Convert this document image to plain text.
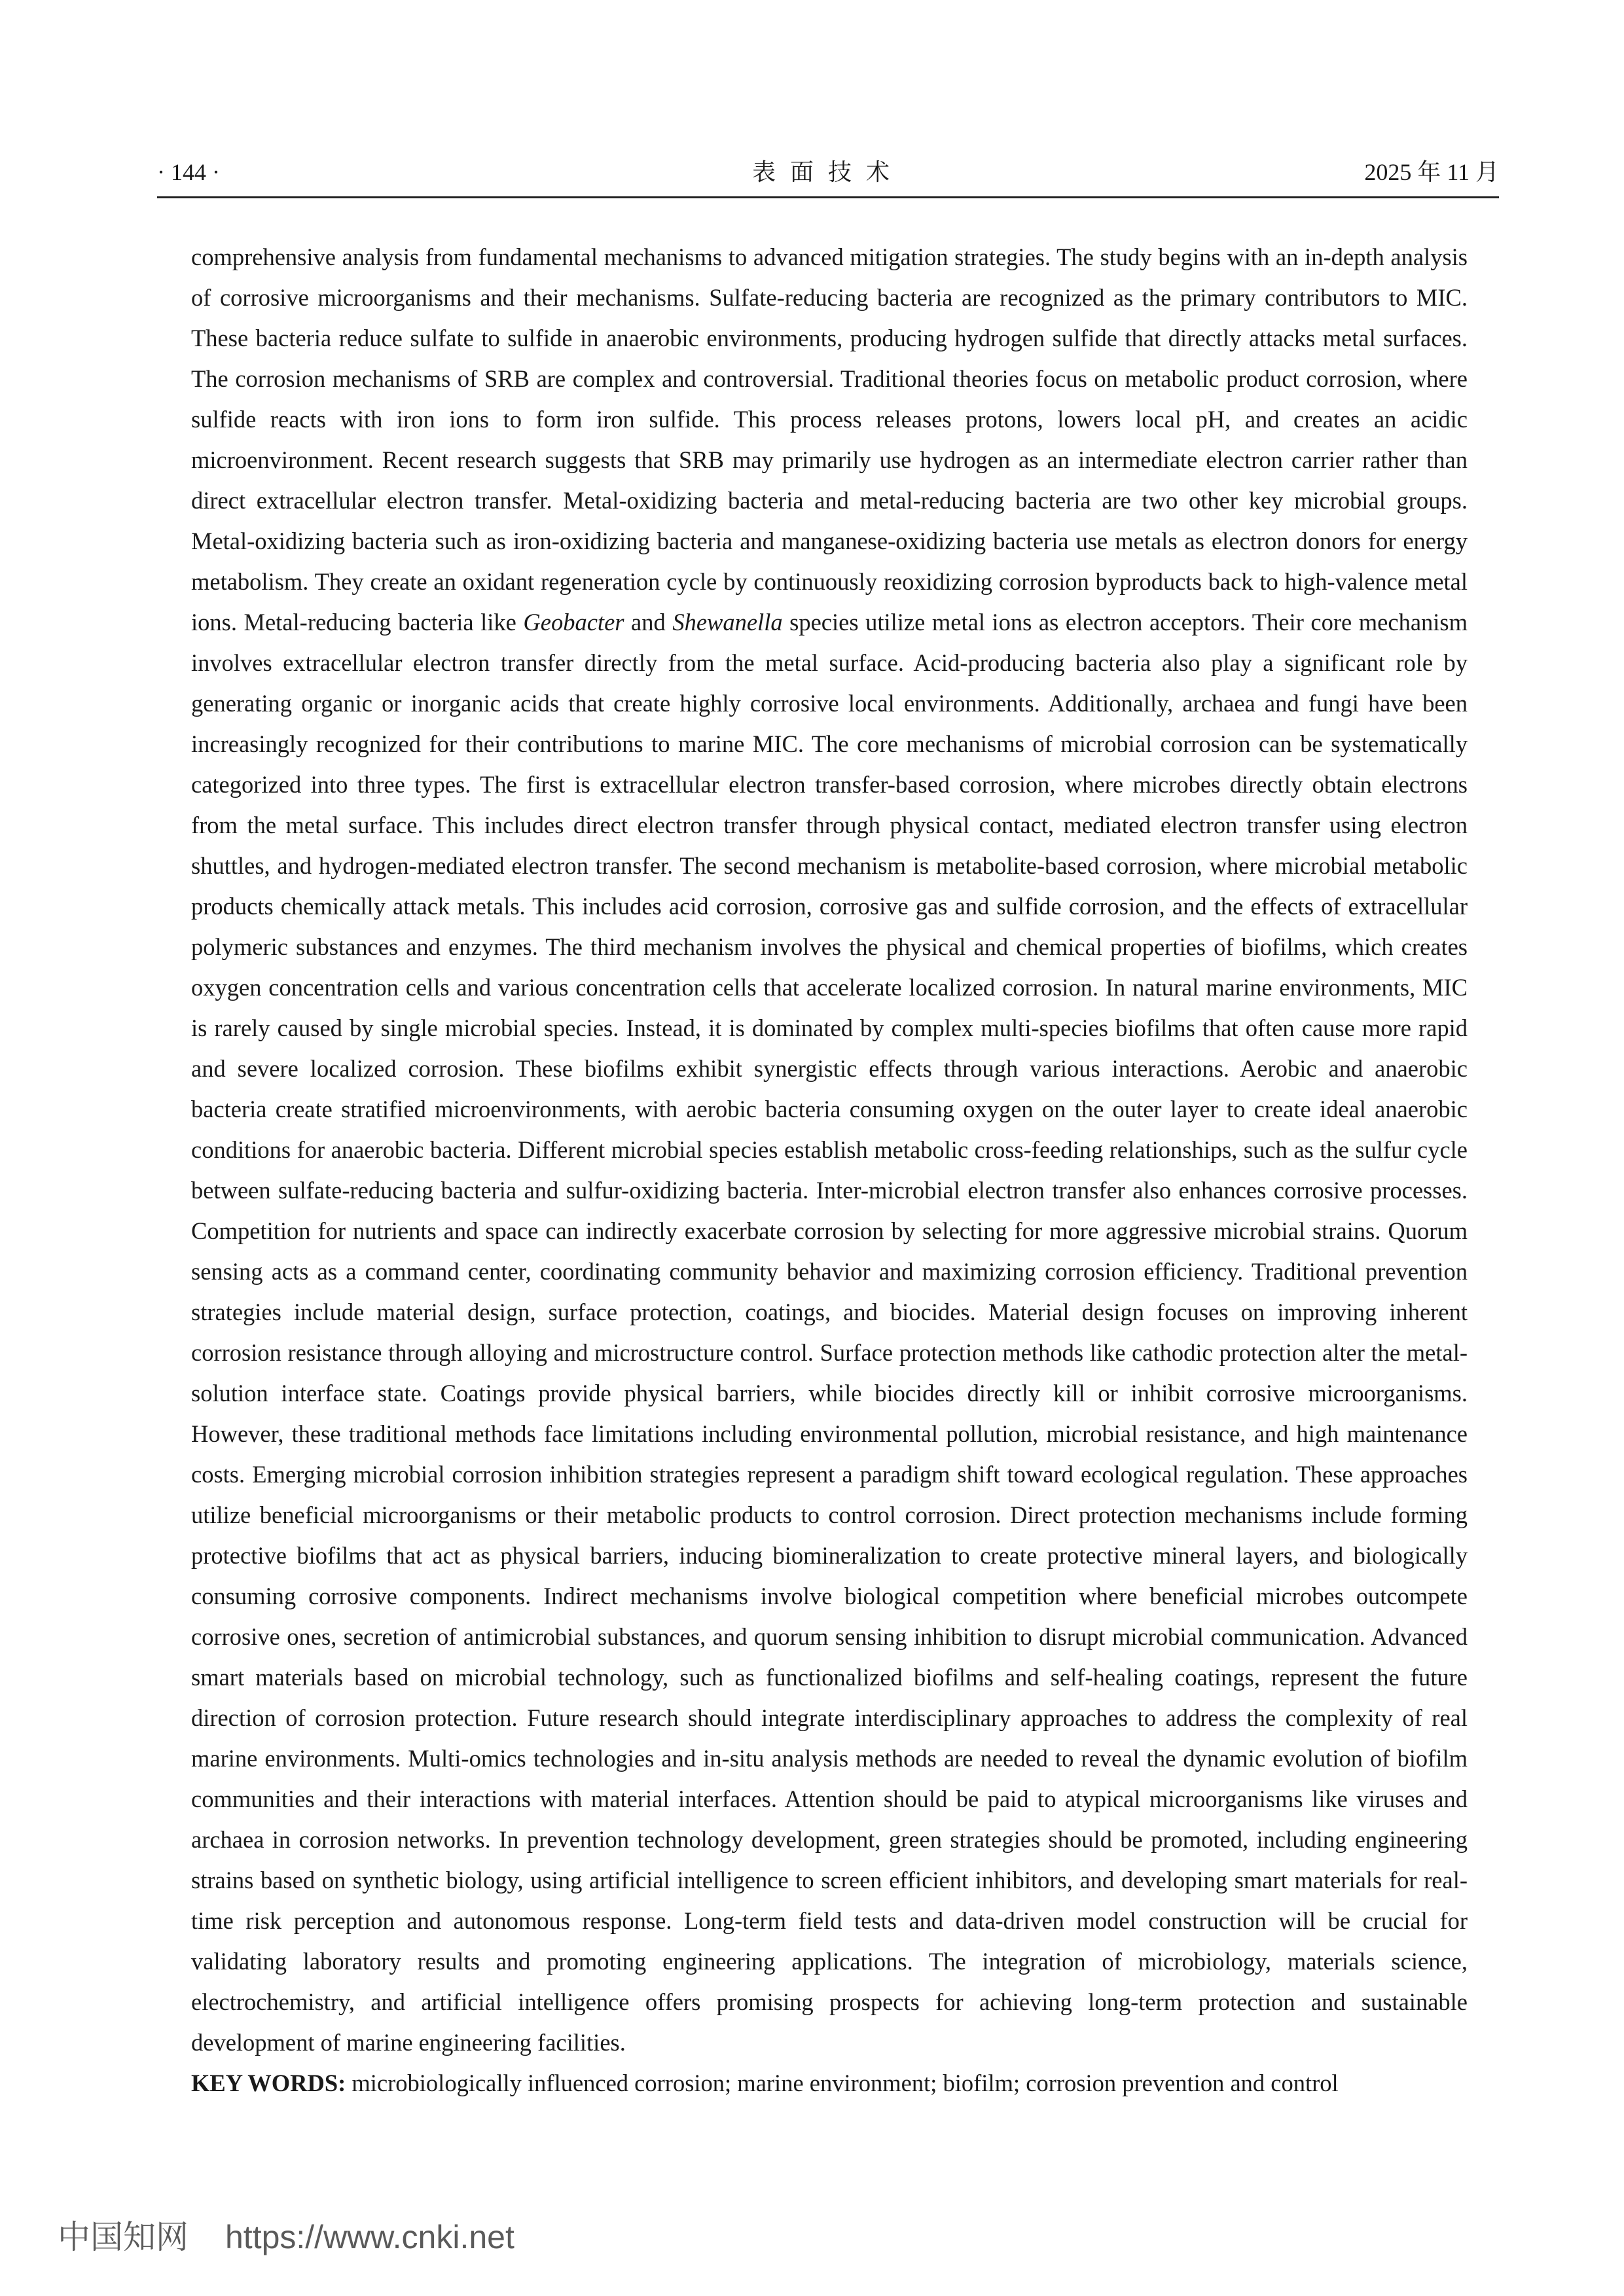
· 144 ·	表面技术	2025 年 11 月

comprehensive analysis from fundamental mechanisms to advanced mitigation strategies. The study begins with an in-depth analysis of corrosive microorganisms and their mechanisms. Sulfate-reducing bacteria are recognized as the primary contributors to MIC. These bacteria reduce sulfate to sulfide in anaerobic environments, producing hydrogen sulfide that directly attacks metal surfaces. The corrosion mechanisms of SRB are complex and controversial. Traditional theories focus on metabolic product corrosion, where sulfide reacts with iron ions to form iron sulfide. This process releases protons, lowers local pH, and creates an acidic microenvironment. Recent research suggests that SRB may primarily use hydrogen as an intermediate electron carrier rather than direct extracellular electron transfer. Metal-oxidizing bacteria and metal-reducing bacteria are two other key microbial groups. Metal-oxidizing bacteria such as iron-oxidizing bacteria and manganese-oxidizing bacteria use metals as electron donors for energy metabolism. They create an oxidant regeneration cycle by continuously reoxidizing corrosion byproducts back to high-valence metal ions. Metal-reducing bacteria like Geobacter and Shewanella species utilize metal ions as electron acceptors. Their core mechanism involves extracellular electron transfer directly from the metal surface. Acid-producing bacteria also play a significant role by generating organic or inorganic acids that create highly corrosive local environments. Additionally, archaea and fungi have been increasingly recognized for their contributions to marine MIC. The core mechanisms of microbial corrosion can be systematically categorized into three types. The first is extracellular electron transfer-based corrosion, where microbes directly obtain electrons from the metal surface. This includes direct electron transfer through physical contact, mediated electron transfer using electron shuttles, and hydrogen-mediated electron transfer. The second mechanism is metabolite-based corrosion, where microbial metabolic products chemically attack metals. This includes acid corrosion, corrosive gas and sulfide corrosion, and the effects of extracellular polymeric substances and enzymes. The third mechanism involves the physical and chemical properties of biofilms, which creates oxygen concentration cells and various concentration cells that accelerate localized corrosion. In natural marine environments, MIC is rarely caused by single microbial species. Instead, it is dominated by complex multi-species biofilms that often cause more rapid and severe localized corrosion. These biofilms exhibit synergistic effects through various interactions. Aerobic and anaerobic bacteria create stratified microenvironments, with aerobic bacteria consuming oxygen on the outer layer to create ideal anaerobic conditions for anaerobic bacteria. Different microbial species establish metabolic cross-feeding relationships, such as the sulfur cycle between sulfate-reducing bacteria and sulfur-oxidizing bacteria. Inter-microbial electron transfer also enhances corrosive processes. Competition for nutrients and space can indirectly exacerbate corrosion by selecting for more aggressive microbial strains. Quorum sensing acts as a command center, coordinating community behavior and maximizing corrosion efficiency. Traditional prevention strategies include material design, surface protection, coatings, and biocides. Material design focuses on improving inherent corrosion resistance through alloying and microstructure control. Surface protection methods like cathodic protection alter the metal-solution interface state. Coatings provide physical barriers, while biocides directly kill or inhibit corrosive microorganisms. However, these traditional methods face limitations including environmental pollution, microbial resistance, and high maintenance costs. Emerging microbial corrosion inhibition strategies represent a paradigm shift toward ecological regulation. These approaches utilize beneficial microorganisms or their metabolic products to control corrosion. Direct protection mechanisms include forming protective biofilms that act as physical barriers, inducing biomineralization to create protective mineral layers, and biologically consuming corrosive components. Indirect mechanisms involve biological competition where beneficial microbes outcompete corrosive ones, secretion of antimicrobial substances, and quorum sensing inhibition to disrupt microbial communication. Advanced smart materials based on microbial technology, such as functionalized biofilms and self-healing coatings, represent the future direction of corrosion protection. Future research should integrate interdisciplinary approaches to address the complexity of real marine environments. Multi-omics technologies and in-situ analysis methods are needed to reveal the dynamic evolution of biofilm communities and their interactions with material interfaces. Attention should be paid to atypical microorganisms like viruses and archaea in corrosion networks. In prevention technology development, green strategies should be promoted, including engineering strains based on synthetic biology, using artificial intelligence to screen efficient inhibitors, and developing smart materials for real-time risk perception and autonomous response. Long-term field tests and data-driven model construction will be crucial for validating laboratory results and promoting engineering applications. The integration of microbiology, materials science, electrochemistry, and artificial intelligence offers promising prospects for achieving long-term protection and sustainable development of marine engineering facilities.

KEY WORDS: microbiologically influenced corrosion; marine environment; biofilm; corrosion prevention and control

中国知网 https://www.cnki.net
